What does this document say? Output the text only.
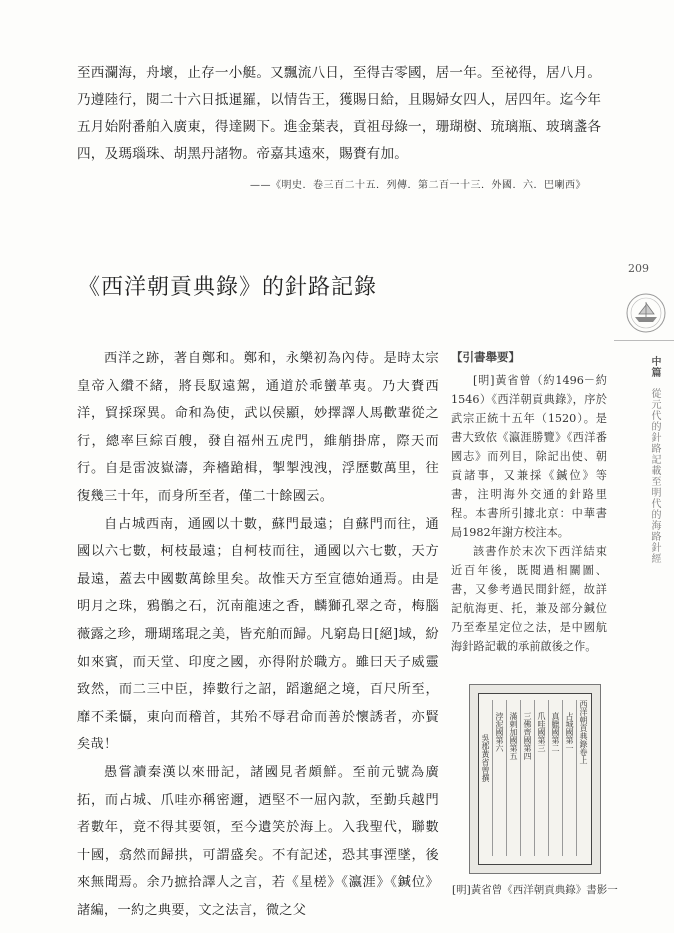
至西瀾海，舟壞，止存一小艇。又飄流八日，至得吉零國，居一年。至祕得，居八月。乃遵陸行，閱二十六日抵暹羅，以情告王，獲賜日給，且賜婦女四人，居四年。迄今年五月始附番舶入廣東，得達闕下。進金葉表，貢祖母綠一，珊瑚樹、琉璃瓶、玻璃盞各四，及瑪瑙珠、胡黑丹諸物。帝嘉其遠來，賜賚有加。
——《明史．卷三百二十五．列傳．第二百一十三．外國．六．巴喇西》
209
中篇 從元代的針路記載至明代的海路針經
《西洋朝貢典錄》的針路記錄

西洋之跡，著自鄭和。鄭和，永樂初為內侍。是時太宗皇帝入纘不緒，將長馭遠駕，通道於乖蠻革夷。乃大賚西洋，貿採琛異。命和為使，武以侯顯，妙擇譯人馬歡輩從之行，總率巨綜百艘，發自福州五虎門，維艄掛席，際天而行。自是雷波嶽濤，奔檣蹌楫，掣掣洩洩，浮歷數萬里，往復幾三十年，而身所至者，僅二十餘國云。

自占城西南，通國以十數，蘇門最遠；自蘇門而往，通國以六七數，柯枝最遠；自柯枝而往，通國以六七數，天方最遠，蓋去中國數萬餘里矣。故惟天方至宣德始通焉。由是明月之珠，鴉鶻之石，沉南龍速之香，麟獅孔翠之奇，梅腦薇露之珍，珊瑚瑤琨之美，皆充舶而歸。凡窮島日[絕]域，紛如來賓，而天堂、印度之國，亦得附於職方。雖曰天子威靈致然，而二三中臣，捧數行之詔，蹈邈絕之境，百尺所至，靡不柔懾，東向而稽首，其殆不辱君命而善於懷誘者，亦賢矣哉！

愚嘗讀秦漢以來冊記，諸國見者頗鮮。至前元號為廣拓，而占城、爪哇亦稱密邇，迺堅不一屈內款，至勤兵越門者數年，竟不得其要領，至今遺笑於海上。入我聖代，聯數十國，翕然而歸拱，可謂盛矣。不有記述，恐其事湮墜，後來無聞焉。余乃摭拾譯人之言，若《星槎》《瀛涯》《鍼位》諸編，一約之典要，文之法言，微之父

【引書舉要】

[明]黃省曾（約1496－約1546）《西洋朝貢典錄》，序於武宗正統十五年（1520）。是書大致依《瀛涯勝覽》《西洋番國志》而列目，除記出使、朝貢諸事，又兼採《鍼位》等書，注明海外交通的針路里程。本書所引據北京：中華書局1982年謝方校注本。

該書作於末次下西洋結束近百年後，既閱過相關圖、書，又參考過民間針經，故詳記航海更、托，兼及部分鍼位乃至牽星定位之法，是中國航海針路記載的承前啟後之作。

西洋朝貢典錄卷上
占城國第一
真臘國第二
爪哇國第三
三佛齊國第四
滿剌加國第五
浡泥國第六
吳郡黃省曾撰
[明]黃省曾《西洋朝貢典錄》書影一
